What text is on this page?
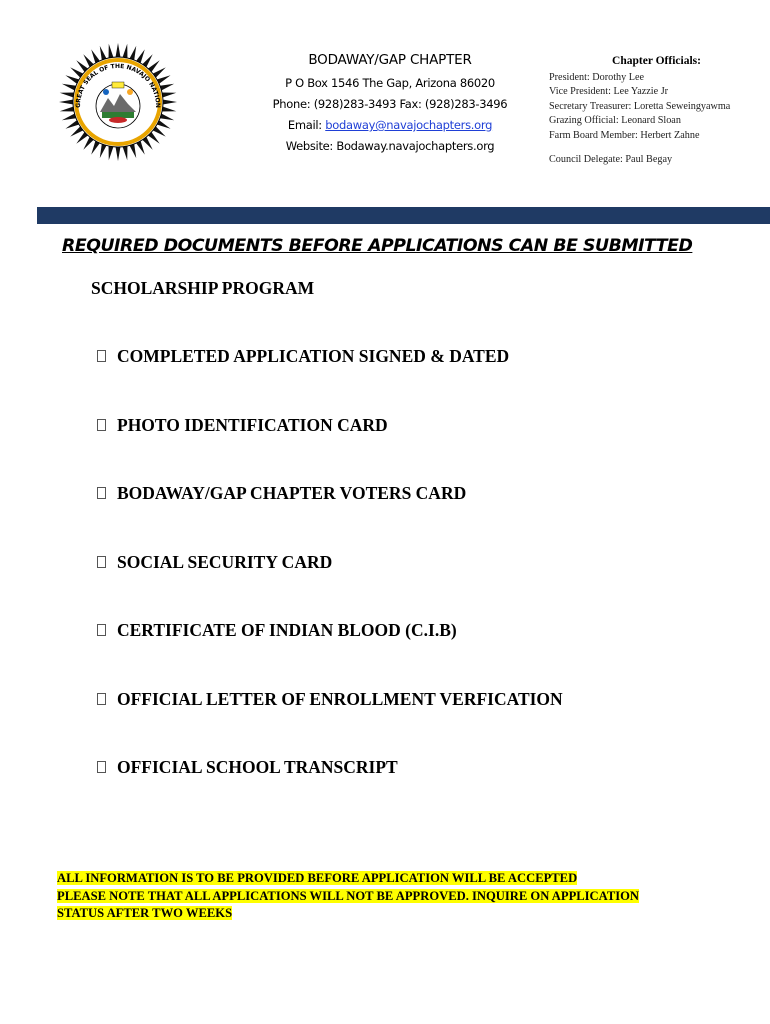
GREAT SEAL OF THE NAVAJO NATION
BODAWAY/GAP CHAPTER
P O Box 1546 The Gap, Arizona 86020
Phone: (928)283-3493 Fax: (928)283-3496
Email: bodaway@navajochapters.org
Website: Bodaway.navajochapters.org
Chapter Officials:
President: Dorothy Lee
Vice President: Lee Yazzie Jr
Secretary Treasurer: Loretta Seweingyawma
Grazing Official: Leonard Sloan
Farm Board Member: Herbert Zahne
Council Delegate: Paul Begay
REQUIRED DOCUMENTS BEFORE APPLICATIONS CAN BE SUBMITTED
SCHOLARSHIP PROGRAM
COMPLETED APPLICATION SIGNED & DATED
PHOTO IDENTIFICATION CARD
BODAWAY/GAP CHAPTER VOTERS CARD
SOCIAL SECURITY CARD
CERTIFICATE OF INDIAN BLOOD (C.I.B)
OFFICIAL LETTER OF ENROLLMENT VERFICATION
OFFICIAL SCHOOL TRANSCRIPT
ALL INFORMATION IS TO BE PROVIDED BEFORE APPLICATION WILL BE ACCEPTED
PLEASE NOTE THAT ALL APPLICATIONS WILL NOT BE APPROVED. INQUIRE ON APPLICATION
STATUS AFTER TWO WEEKS
